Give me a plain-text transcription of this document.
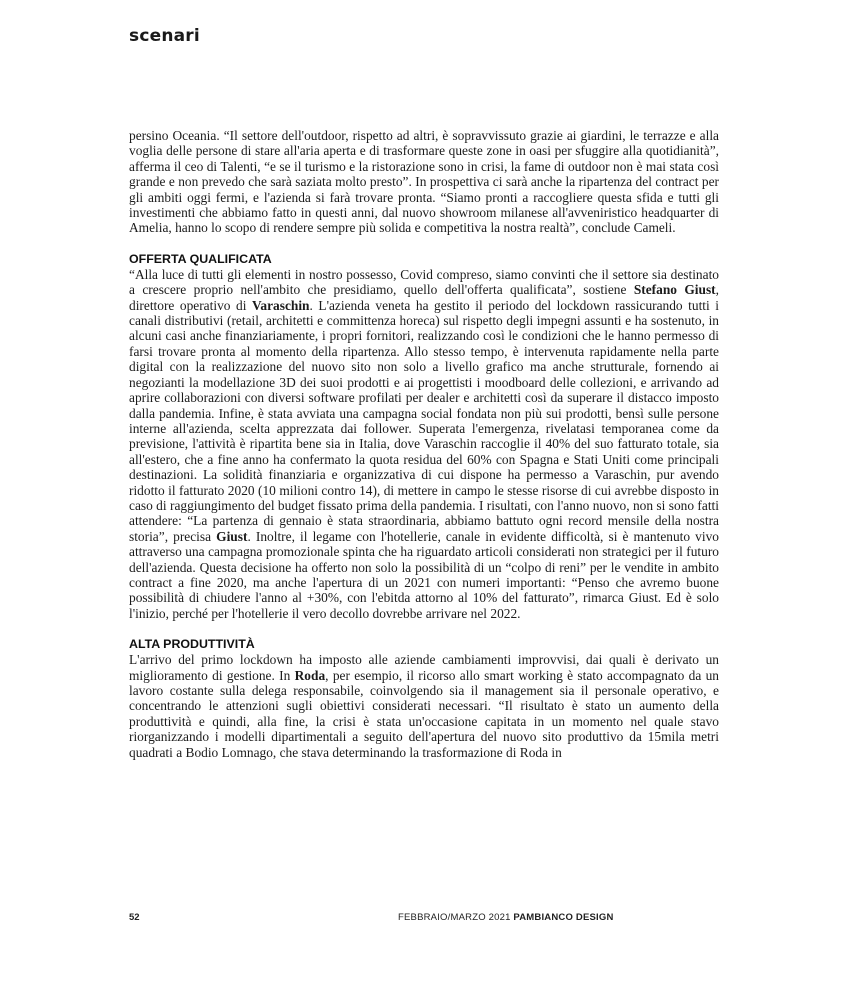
scenari

persino Oceania. “Il settore dell'outdoor, rispetto ad altri, è sopravvissuto grazie ai giardini, le terrazze e alla voglia delle persone di stare all'aria aperta e di trasformare queste zone in oasi per sfuggire alla quotidianità”, afferma il ceo di Talenti, “e se il turismo e la ristorazione sono in crisi, la fame di outdoor non è mai stata così grande e non prevedo che sarà saziata molto presto”. In prospettiva ci sarà anche la ripartenza del contract per gli ambiti oggi fermi, e l'azienda si farà trovare pronta. “Siamo pronti a raccogliere questa sfida e tutti gli investimenti che abbiamo fatto in questi anni, dal nuovo showroom milanese all'avveniristico headquarter di Amelia, hanno lo scopo di rendere sempre più solida e competitiva la nostra realtà”, conclude Cameli.

OFFERTA QUALIFICATA

“Alla luce di tutti gli elementi in nostro possesso, Covid compreso, siamo convinti che il settore sia destinato a crescere proprio nell'ambito che presidiamo, quello dell'offerta qualificata”, sostiene Stefano Giust, direttore operativo di Varaschin. L'azienda veneta ha gestito il periodo del lockdown rassicurando tutti i canali distributivi (retail, architetti e committenza horeca) sul rispetto degli impegni assunti e ha sostenuto, in alcuni casi anche finanziariamente, i propri fornitori, realizzando così le condizioni che le hanno permesso di farsi trovare pronta al momento della ripartenza. Allo stesso tempo, è intervenuta rapidamente nella parte digital con la realizzazione del nuovo sito non solo a livello grafico ma anche strutturale, fornendo ai negozianti la modellazione 3D dei suoi prodotti e ai progettisti i moodboard delle collezioni, e arrivando ad aprire collaborazioni con diversi software profilati per dealer e architetti così da superare il distacco imposto dalla pandemia. Infine, è stata avviata una campagna social fondata non più sui prodotti, bensì sulle persone interne all'azienda, scelta apprezzata dai follower. Superata l'emergenza, rivelatasi temporanea come da previsione, l'attività è ripartita bene sia in Italia, dove Varaschin raccoglie il 40% del suo fatturato totale, sia all'estero, che a fine anno ha confermato la quota residua del 60% con Spagna e Stati Uniti come principali destinazioni. La solidità finanziaria e organizzativa di cui dispone ha permesso a Varaschin, pur avendo ridotto il fatturato 2020 (10 milioni contro 14), di mettere in campo le stesse risorse di cui avrebbe disposto in caso di raggiungimento del budget fissato prima della pandemia. I risultati, con l'anno nuovo, non si sono fatti attendere: “La partenza di gennaio è stata straordinaria, abbiamo battuto ogni record mensile della nostra storia”, precisa Giust. Inoltre, il legame con l'hotellerie, canale in evidente difficoltà, si è mantenuto vivo attraverso una campagna promozionale spinta che ha riguardato articoli considerati non strategici per il futuro dell'azienda. Questa decisione ha offerto non solo la possibilità di un “colpo di reni” per le vendite in ambito contract a fine 2020, ma anche l'apertura di un 2021 con numeri importanti: “Penso che avremo buone possibilità di chiudere l'anno al +30%, con l'ebitda attorno al 10% del fatturato”, rimarca Giust. Ed è solo l'inizio, perché per l'hotellerie il vero decollo dovrebbe arrivare nel 2022.

ALTA PRODUTTIVITÀ

L'arrivo del primo lockdown ha imposto alle aziende cambiamenti improvvisi, dai quali è derivato un miglioramento di gestione. In Roda, per esempio, il ricorso allo smart working è stato accompagnato da un lavoro costante sulla delega responsabile, coinvolgendo sia il management sia il personale operativo, e concentrando le attenzioni sugli obiettivi considerati necessari. “Il risultato è stato un aumento della produttività e quindi, alla fine, la crisi è stata un'occasione capitata in un momento nel quale stavo riorganizzando i modelli dipartimentali a seguito dell'apertura del nuovo sito produttivo da 15mila metri quadrati a Bodio Lomnago, che stava determinando la trasformazione di Roda in

52	FEBBRAIO/MARZO 2021 PAMBIANCO DESIGN
